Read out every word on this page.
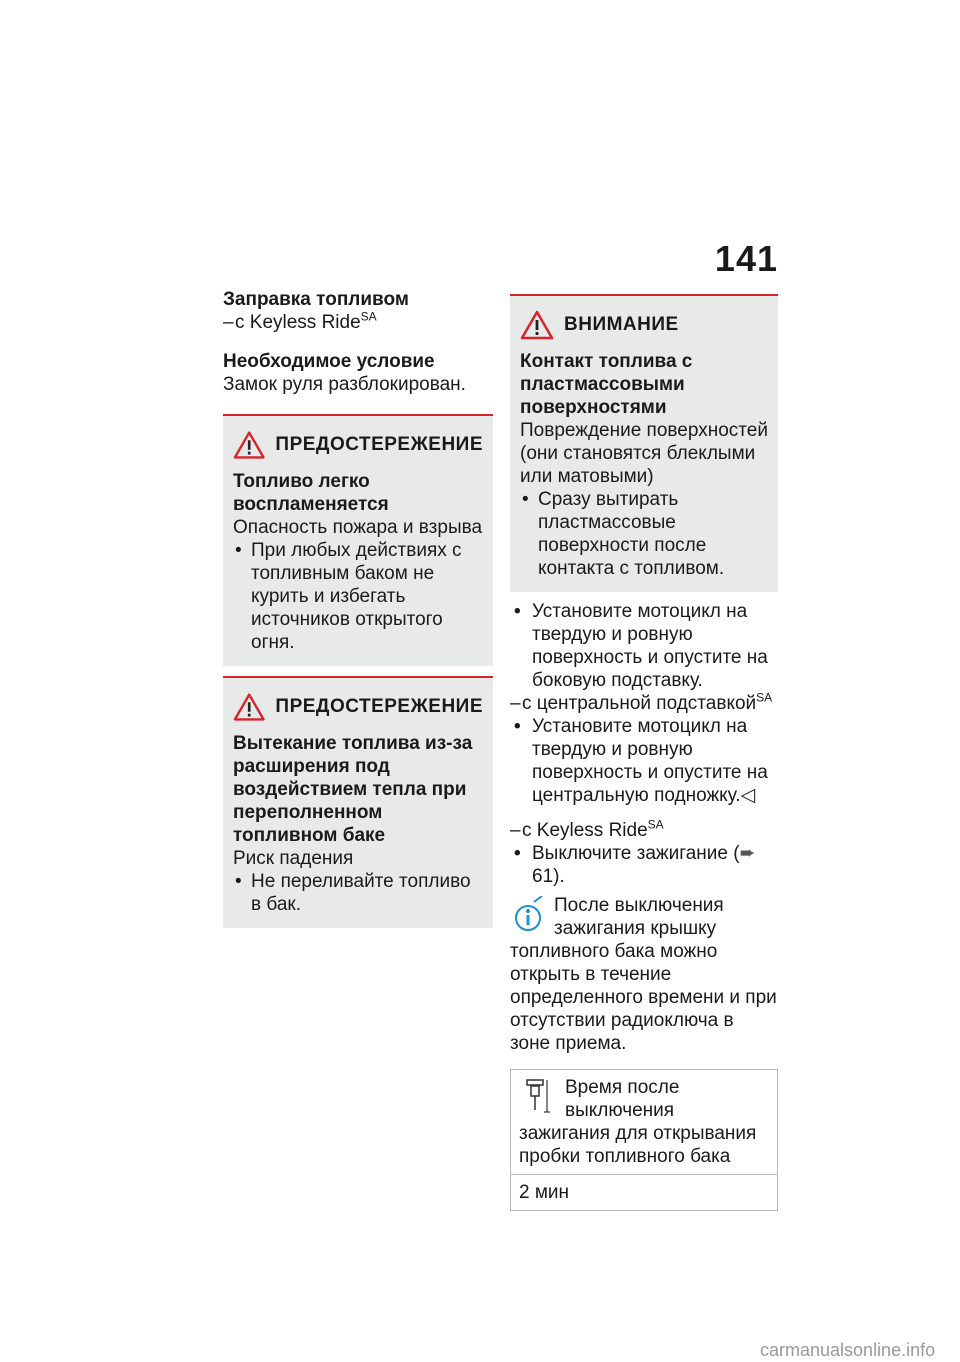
141
Заправка топливом
– с Keyless Ride$^{SA}$
Необходимое условие
Замок руля разблокирован.
ПРЕДОСТЕРЕЖЕНИЕ
Топливо легко воспламеняется
Опасность пожара и взрыва
• При любых действиях с топливным баком не курить и избегать источников открытого огня.
ПРЕДОСТЕРЕЖЕНИЕ
Вытекание топлива из-за расширения под воздействием тепла при переполненном топливном баке
Риск падения
• Не переливайте топливо в бак.
ВНИМАНИЕ
Контакт топлива с пластмассовыми поверхностями
Повреждение поверхностей (они становятся блеклыми или матовыми)
• Сразу вытирать пластмассовые поверхности после контакта с топливом.
• Установите мотоцикл на твердую и ровную поверхность и опустите на боковую подставку.
– с центральной подставкой$^{SA}$
• Установите мотоцикл на твердую и ровную поверхность и опустите на центральную подножку.◁
– с Keyless Ride$^{SA}$
• Выключите зажигание (➨ 61).
После выключения зажигания крышку топливного бака можно открыть в течение определенного времени и при отсутствии радиоключа в зоне приема.
Время после выключения зажигания для открывания пробки топливного бака
2 мин
carmanualsonline.info
